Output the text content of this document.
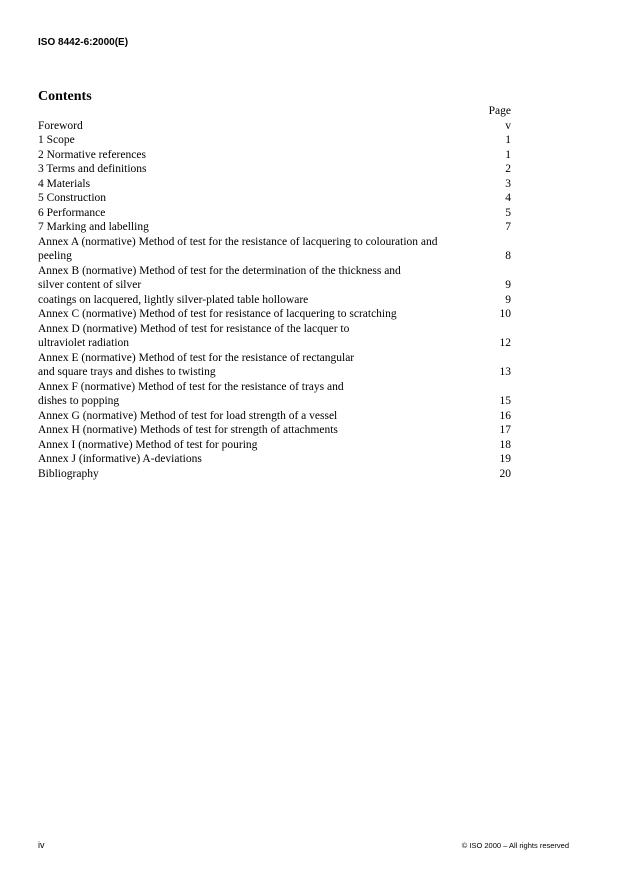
ISO 8442-6:2000(E)
Contents
Page
Foreword	v
1 Scope	1
2 Normative references	1
3 Terms and definitions	2
4 Materials	3
5 Construction	4
6 Performance	5
7 Marking and labelling	7
Annex A (normative) Method of test for the resistance of lacquering to colouration and
peeling	8
Annex B (normative) Method of test for the determination of the thickness and
silver content of silver	9
coatings on lacquered, lightly silver-plated table holloware	9
Annex C (normative) Method of test for resistance of lacquering to scratching	10
Annex D (normative) Method of test for resistance of the lacquer to
ultraviolet radiation	12
Annex E (normative) Method of test for the resistance of rectangular
and square trays and dishes to twisting	13
Annex F (normative) Method of test for the resistance of trays and
dishes to popping	15
Annex G (normative) Method of test for load strength of a vessel	16
Annex H (normative) Methods of test for strength of attachments	17
Annex I (normative) Method of test for pouring	18
Annex J (informative) A-deviations	19
Bibliography	20
iv	© ISO 2000 – All rights reserved
